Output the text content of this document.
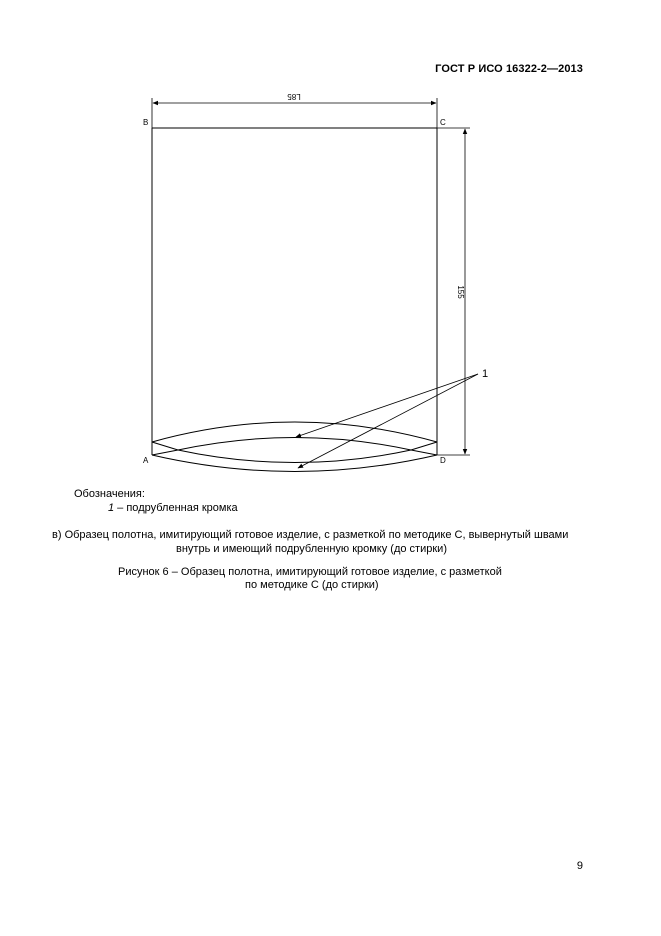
ГОСТ Р ИСО 16322-2—2013
L85
155
1
B	C
A	D
Обозначения:
1 – подрубленная кромка
в) Образец полотна, имитирующий готовое изделие, с разметкой по методике С, вывернутый швами
внутрь и имеющий подрубленную кромку (до стирки)
Рисунок 6 – Образец полотна, имитирующий готовое изделие, с разметкой
по методике С (до стирки)
9
